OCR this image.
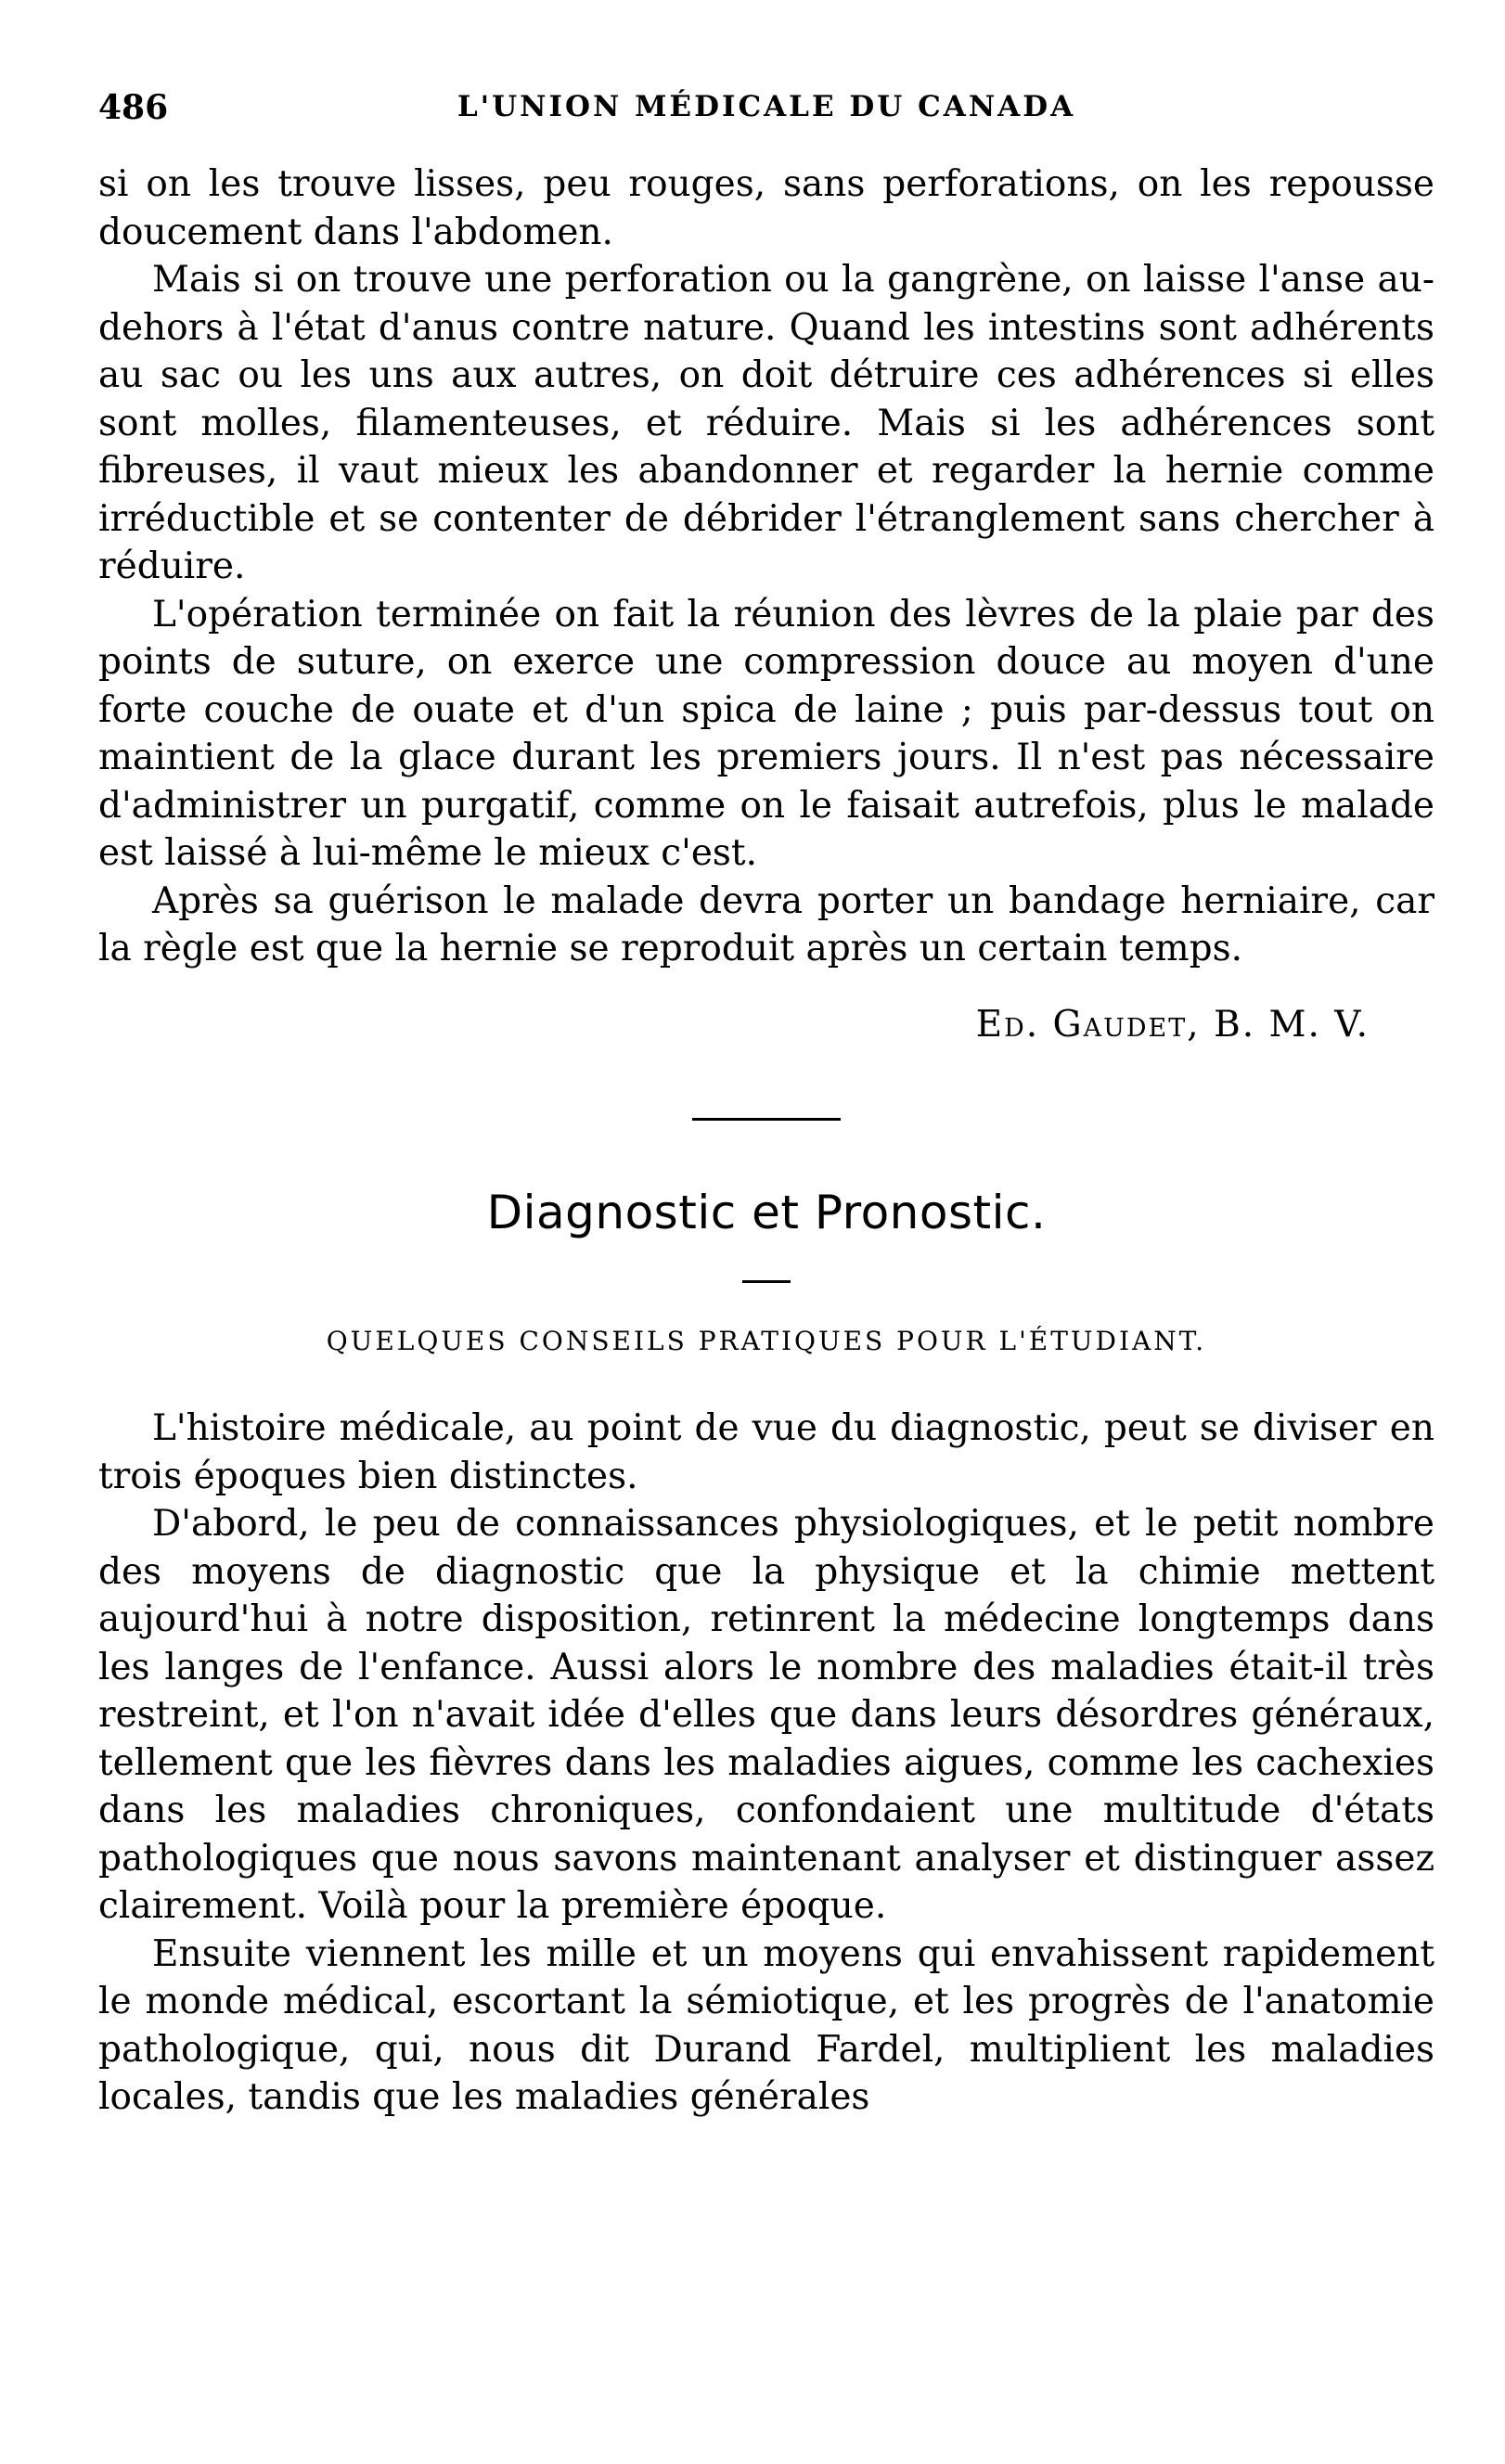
486	L'UNION MÉDICALE DU CANADA

si on les trouve lisses, peu rouges, sans perforations, on les repousse doucement dans l'abdomen.

Mais si on trouve une perforation ou la gangrène, on laisse l'anse au-dehors à l'état d'anus contre nature. Quand les intestins sont adhérents au sac ou les uns aux autres, on doit détruire ces adhérences si elles sont molles, filamenteuses, et réduire. Mais si les adhérences sont fibreuses, il vaut mieux les abandonner et regarder la hernie comme irréductible et se contenter de débrider l'étranglement sans chercher à réduire.

L'opération terminée on fait la réunion des lèvres de la plaie par des points de suture, on exerce une compression douce au moyen d'une forte couche de ouate et d'un spica de laine ; puis par-dessus tout on maintient de la glace durant les premiers jours. Il n'est pas nécessaire d'administrer un purgatif, comme on le faisait autrefois, plus le malade est laissé à lui-même le mieux c'est.

Après sa guérison le malade devra porter un bandage herniaire, car la règle est que la hernie se reproduit après un certain temps.

Ed. Gaudet, B. M. V.
Diagnostic et Pronostic.
QUELQUES CONSEILS PRATIQUES POUR L'ÉTUDIANT.

L'histoire médicale, au point de vue du diagnostic, peut se diviser en trois époques bien distinctes.

D'abord, le peu de connaissances physiologiques, et le petit nombre des moyens de diagnostic que la physique et la chimie mettent aujourd'hui à notre disposition, retinrent la médecine longtemps dans les langes de l'enfance. Aussi alors le nombre des maladies était-il très restreint, et l'on n'avait idée d'elles que dans leurs désordres généraux, tellement que les fièvres dans les maladies aigues, comme les cachexies dans les maladies chroniques, confondaient une multitude d'états pathologiques que nous savons maintenant analyser et distinguer assez clairement. Voilà pour la première époque.

Ensuite viennent les mille et un moyens qui envahissent rapidement le monde médical, escortant la sémiotique, et les progrès de l'anatomie pathologique, qui, nous dit Durand Fardel, multiplient les maladies locales, tandis que les maladies générales
